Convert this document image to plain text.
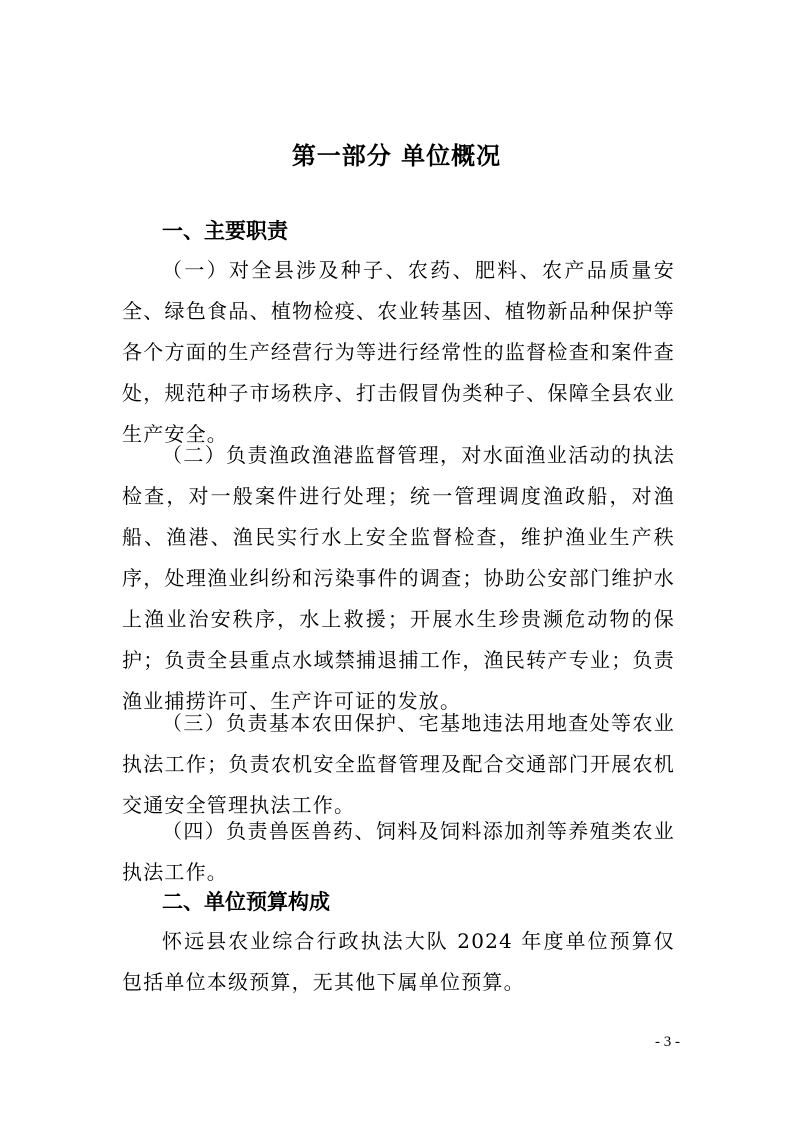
第一部分 单位概况
一、主要职责

（一）对全县涉及种子、农药、肥料、农产品质量安全、绿色食品、植物检疫、农业转基因、植物新品种保护等各个方面的生产经营行为等进行经常性的监督检查和案件查处，规范种子市场秩序、打击假冒伪类种子、保障全县农业生产安全。

（二）负责渔政渔港监督管理，对水面渔业活动的执法检查，对一般案件进行处理；统一管理调度渔政船，对渔船、渔港、渔民实行水上安全监督检查，维护渔业生产秩序，处理渔业纠纷和污染事件的调查；协助公安部门维护水上渔业治安秩序，水上救援；开展水生珍贵濒危动物的保护；负责全县重点水域禁捕退捕工作，渔民转产专业；负责渔业捕捞许可、生产许可证的发放。

（三）负责基本农田保护、宅基地违法用地查处等农业执法工作；负责农机安全监督管理及配合交通部门开展农机交通安全管理执法工作。

（四）负责兽医兽药、饲料及饲料添加剂等养殖类农业执法工作。

二、单位预算构成

怀远县农业综合行政执法大队 2024 年度单位预算仅包括单位本级预算，无其他下属单位预算。

- 3 -
